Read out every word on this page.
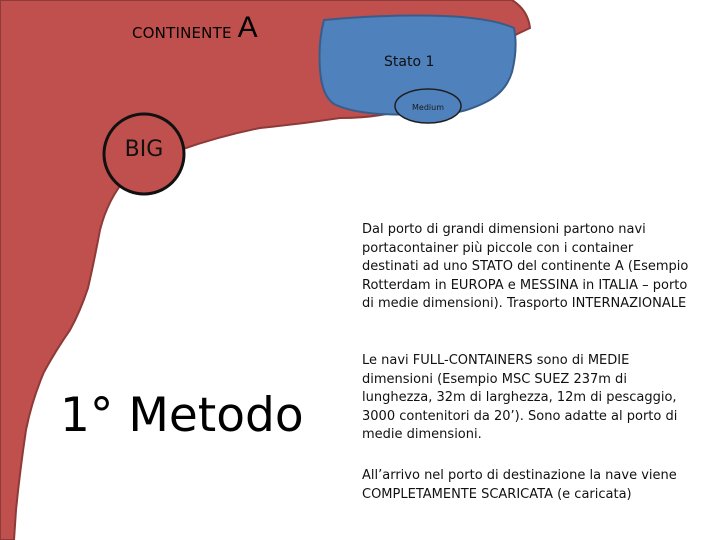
CONTINENTE A
Stato 1
Medium
BIG
1° Metodo
Dal porto di grandi dimensioni partono navi portacontainer più piccole con i container destinati ad uno STATO del continente A (Esempio Rotterdam in EUROPA e MESSINA in ITALIA – porto di medie dimensioni). Trasporto INTERNAZIONALE
Le navi FULL-CONTAINERS sono di MEDIE dimensioni (Esempio MSC SUEZ 237m di lunghezza, 32m di larghezza, 12m di pescaggio, 3000 contenitori da 20’). Sono adatte al porto di medie dimensioni.
All’arrivo nel porto di destinazione la nave viene COMPLETAMENTE SCARICATA (e caricata)
